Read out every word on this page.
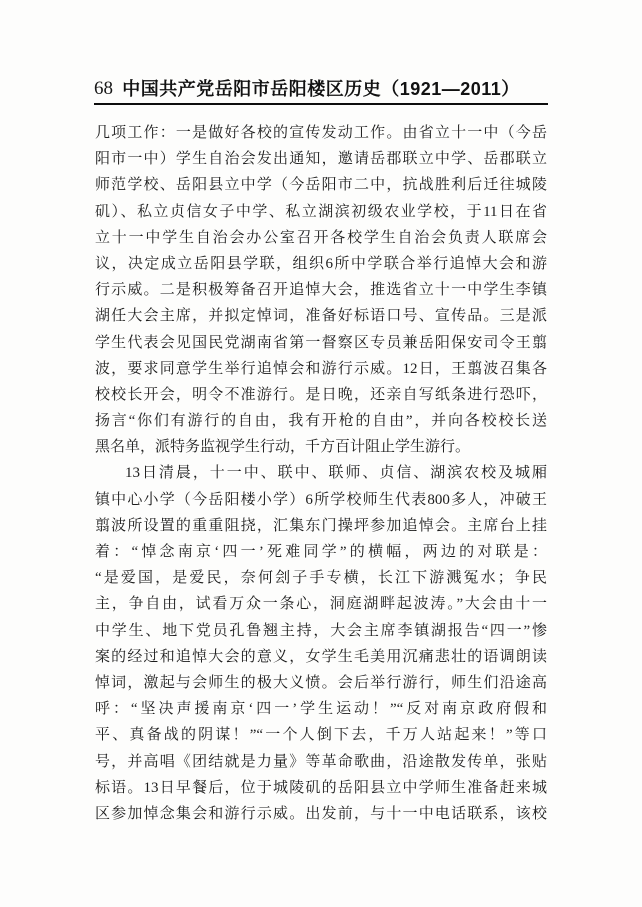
68 中国共产党岳阳市岳阳楼区历史（1921—2011）
几项工作：一是做好各校的宣传发动工作。由省立十一中（今岳
阳市一中）学生自治会发出通知，邀请岳郡联立中学、岳郡联立
师范学校、岳阳县立中学（今岳阳市二中，抗战胜利后迁往城陵
矶）、私立贞信女子中学、私立湖滨初级农业学校，于11日在省
立十一中学生自治会办公室召开各校学生自治会负责人联席会
议，决定成立岳阳县学联，组织6所中学联合举行追悼大会和游
行示威。二是积极筹备召开追悼大会，推选省立十一中学生李镇
湖任大会主席，并拟定悼词，准备好标语口号、宣传品。三是派
学生代表会见国民党湖南省第一督察区专员兼岳阳保安司令王翦
波，要求同意学生举行追悼会和游行示威。12日，王翦波召集各
校校长开会，明令不准游行。是日晚，还亲自写纸条进行恐吓，
扬言“你们有游行的自由，我有开枪的自由”，并向各校校长送
黑名单，派特务监视学生行动，千方百计阻止学生游行。
13日清晨，十一中、联中、联师、贞信、湖滨农校及城厢
镇中心小学（今岳阳楼小学）6所学校师生代表800多人，冲破王
翦波所设置的重重阻挠，汇集东门操坪参加追悼会。主席台上挂
着：“悼念南京‘四一’死难同学”的横幅，两边的对联是：
“是爱国，是爱民，奈何刽子手专横，长江下游溅冤水；争民
主，争自由，试看万众一条心，洞庭湖畔起波涛。”大会由十一
中学生、地下党员孔鲁翘主持，大会主席李镇湖报告“四一”惨
案的经过和追悼大会的意义，女学生毛美用沉痛悲壮的语调朗读
悼词，激起与会师生的极大义愤。会后举行游行，师生们沿途高
呼：“坚决声援南京‘四一’学生运动！”“反对南京政府假和
平、真备战的阴谋！”“一个人倒下去，千万人站起来！”等口
号，并高唱《团结就是力量》等革命歌曲，沿途散发传单，张贴
标语。13日早餐后，位于城陵矶的岳阳县立中学师生准备赶来城
区参加悼念集会和游行示威。出发前，与十一中电话联系，该校
